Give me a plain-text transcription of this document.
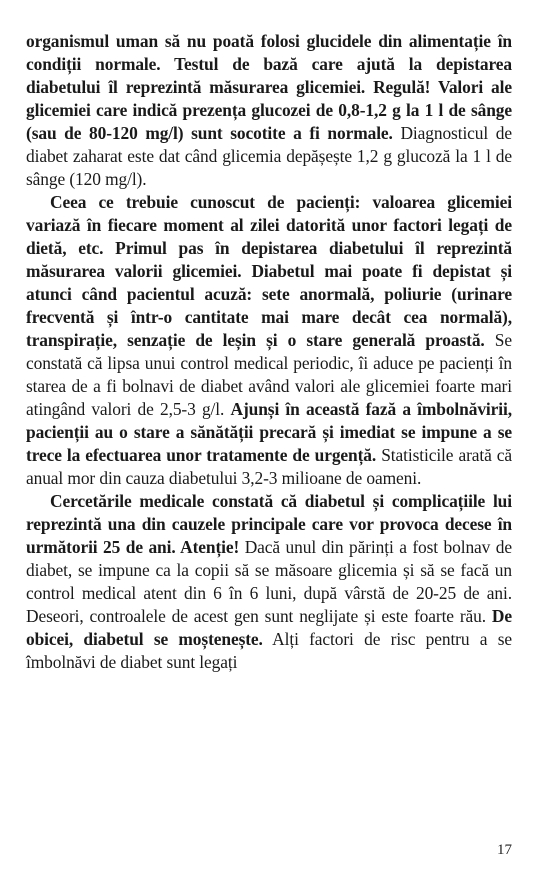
organismul uman să nu poată folosi glucidele din alimentație în condiții normale. Testul de bază care ajută la depistarea diabetului îl reprezintă măsurarea glicemiei. Regulă! Valori ale glicemiei care indică prezența glucozei de 0,8-1,2 g la 1 l de sânge (sau de 80-120 mg/l) sunt socotite a fi normale. Diagnosticul de diabet zaharat este dat când glicemia depășește 1,2 g glucoză la 1 l de sânge (120 mg/l).

Ceea ce trebuie cunoscut de pacienți: valoarea glicemiei variază în fiecare moment al zilei datorită unor factori legați de dietă, etc. Primul pas în depistarea diabetului îl reprezintă măsurarea valorii glicemiei. Diabetul mai poate fi depistat și atunci când pacientul acuză: sete anormală, poliurie (urinare frecventă și într-o cantitate mai mare decât cea normală), transpirație, senzație de leșin și o stare generală proastă. Se constată că lipsa unui control medical periodic, îi aduce pe pacienți în starea de a fi bolnavi de diabet având valori ale glicemiei foarte mari atingând valori de 2,5-3 g/l. Ajunși în această fază a îmbolnăvirii, pacienții au o stare a sănătății precară și imediat se impune a se trece la efectuarea unor tratamente de urgență. Statisticile arată că anual mor din cauza diabetului 3,2-3 milioane de oameni.

Cercetările medicale constată că diabetul și complicațiile lui reprezintă una din cauzele principale care vor provoca decese în următorii 25 de ani. Atenție! Dacă unul din părinți a fost bolnav de diabet, se impune ca la copii să se măsoare glicemia și să se facă un control medical atent din 6 în 6 luni, după vârstă de 20-25 de ani. Deseori, controalele de acest gen sunt neglijate și este foarte rău. De obicei, diabetul se moștenește. Alți factori de risc pentru a se îmbolnăvi de diabet sunt legați

17
